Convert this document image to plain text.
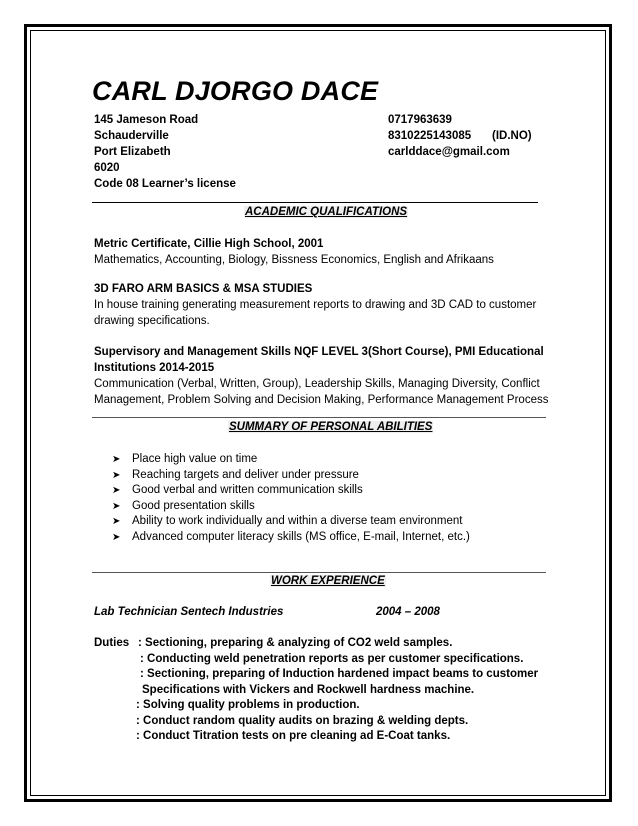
CARL DJORGO DACE
145 Jameson Road
Schauderville
Port Elizabeth
6020
Code 08 Learner’s license
0717963639
8310225143085 (ID.NO)
carlddace@gmail.com
ACADEMIC QUALIFICATIONS
Metric Certificate, Cillie High School, 2001
Mathematics, Accounting, Biology, Bissness Economics, English and Afrikaans
3D FARO ARM BASICS & MSA STUDIES
In house training generating measurement reports to drawing and 3D CAD to customer
drawing specifications.
Supervisory and Management Skills NQF LEVEL 3(Short Course), PMI Educational
Institutions 2014-2015
Communication (Verbal, Written, Group), Leadership Skills, Managing Diversity, Conflict
Management, Problem Solving and Decision Making, Performance Management Process
SUMMARY OF PERSONAL ABILITIES
➤ Place high value on time
➤ Reaching targets and deliver under pressure
➤ Good verbal and written communication skills
➤ Good presentation skills
➤ Ability to work individually and within a diverse team environment
➤ Advanced computer literacy skills (MS office, E-mail, Internet, etc.)
WORK EXPERIENCE
Lab Technician Sentech Industries	2004 – 2008
Duties : Sectioning, preparing & analyzing of CO2 weld samples.
: Conducting weld penetration reports as per customer specifications.
: Sectioning, preparing of Induction hardened impact beams to customer
Specifications with Vickers and Rockwell hardness machine.
: Solving quality problems in production.
: Conduct random quality audits on brazing & welding depts.
: Conduct Titration tests on pre cleaning ad E-Coat tanks.
